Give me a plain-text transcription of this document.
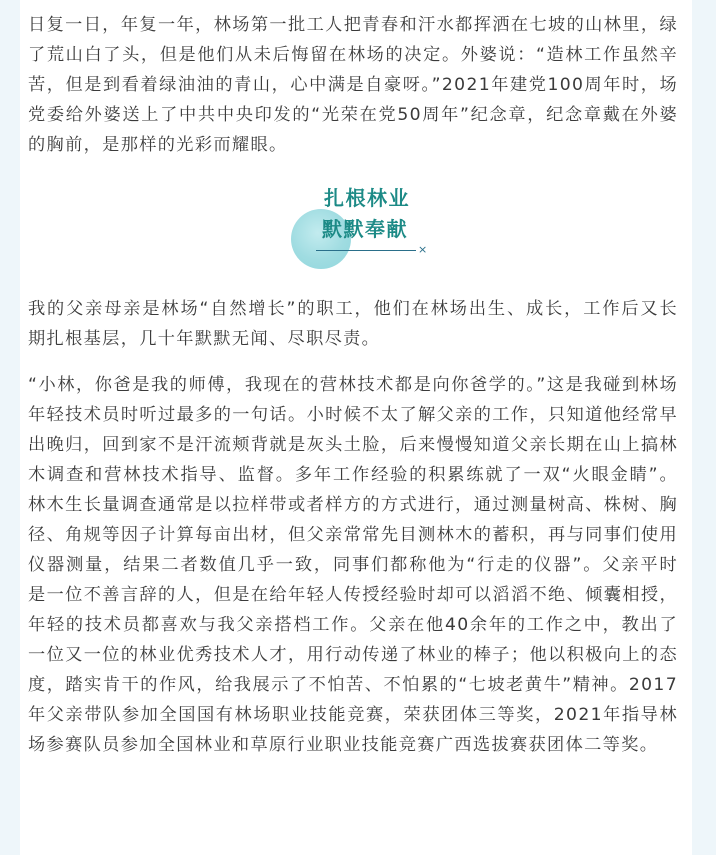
日复一日，年复一年，林场第一批工人把青春和汗水都挥洒在七坡的山林里，绿了荒山白了头，但是他们从未后悔留在林场的决定。外婆说：“造林工作虽然辛苦，但是到看着绿油油的青山，心中满是自豪呀。”2021年建党100周年时，场党委给外婆送上了中共中央印发的“光荣在党50周年”纪念章，纪念章戴在外婆的胸前，是那样的光彩而耀眼。

扎根林业
默默奉献
×

我的父亲母亲是林场“自然增长”的职工，他们在林场出生、成长，工作后又长期扎根基层，几十年默默无闻、尽职尽责。

“小林，你爸是我的师傅，我现在的营林技术都是向你爸学的。”这是我碰到林场年轻技术员时听过最多的一句话。小时候不太了解父亲的工作，只知道他经常早出晚归，回到家不是汗流颊背就是灰头土脸，后来慢慢知道父亲长期在山上搞林木调查和营林技术指导、监督。多年工作经验的积累练就了一双“火眼金睛”。林木生长量调查通常是以拉样带或者样方的方式进行，通过测量树高、株树、胸径、角规等因子计算每亩出材，但父亲常常先目测林木的蓄积，再与同事们使用仪器测量，结果二者数值几乎一致，同事们都称他为“行走的仪器”。父亲平时是一位不善言辞的人，但是在给年轻人传授经验时却可以滔滔不绝、倾囊相授，年轻的技术员都喜欢与我父亲搭档工作。父亲在他40余年的工作之中，教出了一位又一位的林业优秀技术人才，用行动传递了林业的棒子；他以积极向上的态度，踏实肯干的作风，给我展示了不怕苦、不怕累的“七坡老黄牛”精神。2017年父亲带队参加全国国有林场职业技能竞赛，荣获团体三等奖，2021年指导林场参赛队员参加全国林业和草原行业职业技能竞赛广西选拔赛获团体二等奖。
